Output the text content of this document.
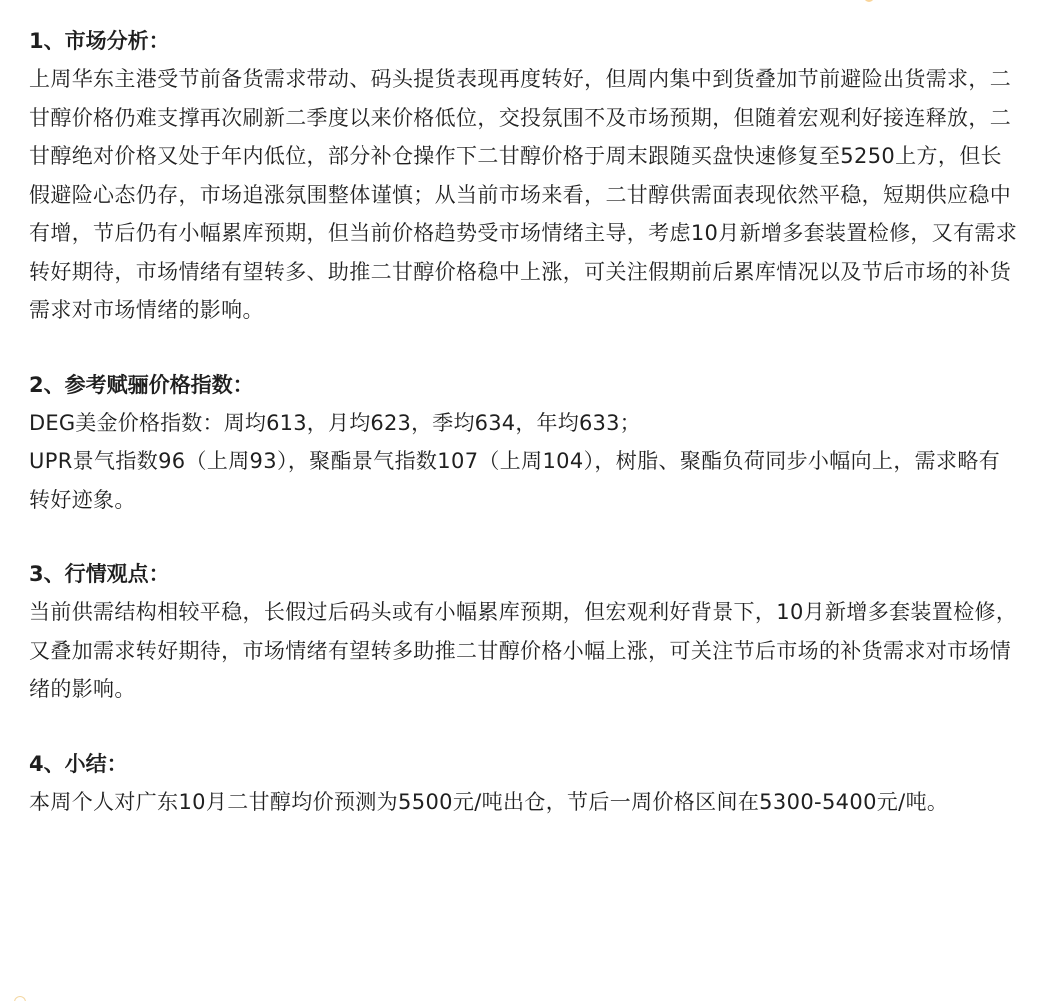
1、市场分析：

上周华东主港受节前备货需求带动、码头提货表现再度转好，但周内集中到货叠加节前避险出货需求，二甘醇价格仍难支撑再次刷新二季度以来价格低位，交投氛围不及市场预期，但随着宏观利好接连释放，二甘醇绝对价格又处于年内低位，部分补仓操作下二甘醇价格于周末跟随买盘快速修复至5250上方，但长假避险心态仍存，市场追涨氛围整体谨慎；从当前市场来看，二甘醇供需面表现依然平稳，短期供应稳中有增，节后仍有小幅累库预期，但当前价格趋势受市场情绪主导，考虑10月新增多套装置检修，又有需求转好期待，市场情绪有望转多、助推二甘醇价格稳中上涨，可关注假期前后累库情况以及节后市场的补货需求对市场情绪的影响。

2、参考赋骊价格指数：

DEG美金价格指数：周均613，月均623，季均634，年均633；

UPR景气指数96（上周93），聚酯景气指数107（上周104），树脂、聚酯负荷同步小幅向上，需求略有转好迹象。

3、行情观点：

当前供需结构相较平稳，长假过后码头或有小幅累库预期，但宏观利好背景下，10月新增多套装置检修，又叠加需求转好期待，市场情绪有望转多助推二甘醇价格小幅上涨，可关注节后市场的补货需求对市场情绪的影响。

4、小结：

本周个人对广东10月二甘醇均价预测为5500元/吨出仓，节后一周价格区间在5300-5400元/吨。
